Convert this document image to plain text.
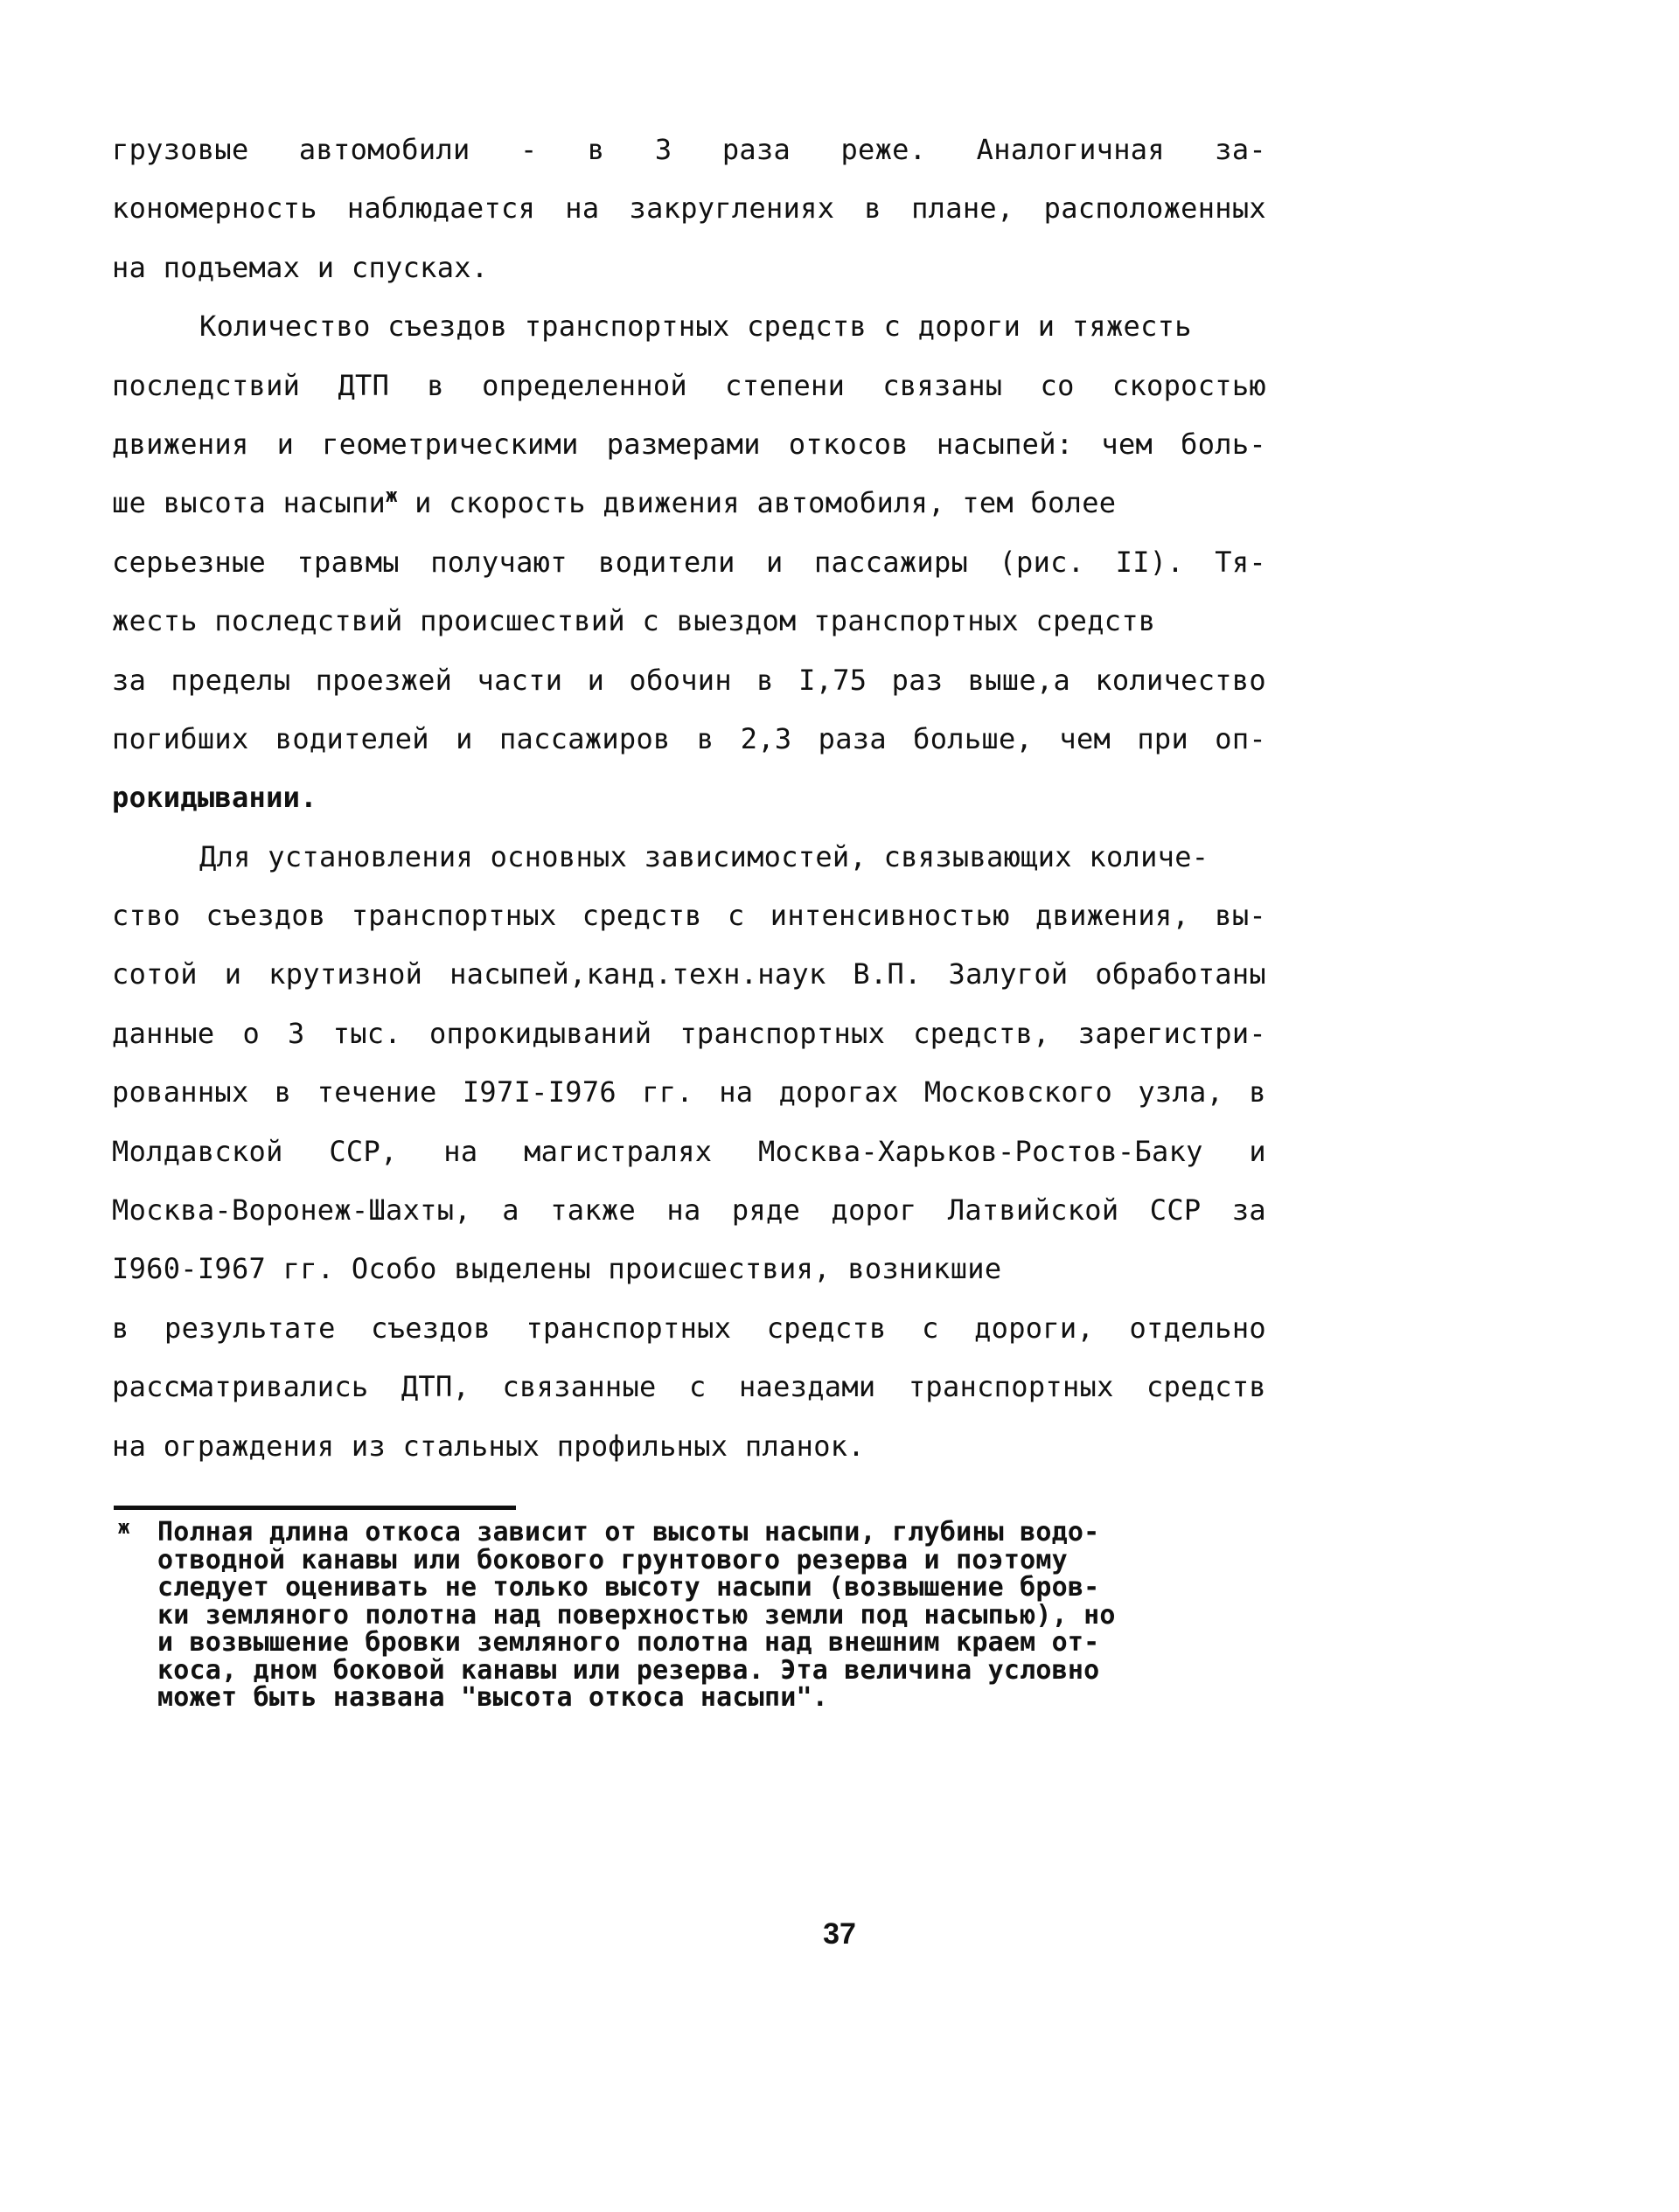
грузовые автомобили - в 3 раза реже. Аналогичная за-
кономерность наблюдается на закруглениях в плане, расположенных
на подъемах и спусках.
Количество съездов транспортных средств с дороги и тяжесть
последствий ДТП в определенной степени связаны со скоростью
движения и геометрическими размерами откосов насыпей: чем боль-
ше высота насыпи$^ж$ и скорость движения автомобиля, тем более
серьезные травмы получают водители и пассажиры (рис. II). Тя-
жесть последствий происшествий с выездом транспортных средств
за пределы проезжей части и обочин в I,75 раз выше,а количество
погибших водителей и пассажиров в 2,3 раза больше, чем при оп-
рокидывании.
Для установления основных зависимостей, связывающих количе-
ство съездов транспортных средств с интенсивностью движения, вы-
сотой и крутизной насыпей,канд.техн.наук В.П. Залугой обработаны
данные о 3 тыс. опрокидываний транспортных средств, зарегистри-
рованных в течение I97I-I976 гг. на дорогах Московского узла, в
Молдавской ССР, на магистралях Москва-Харьков-Ростов-Баку и
Москва-Воронеж-Шахты, а также на ряде дорог Латвийской ССР за
I960-I967 гг. Особо выделены происшествия, возникшие
в результате съездов транспортных средств с дороги, отдельно
рассматривались ДТП, связанные с наездами транспортных средств
на ограждения из стальных профильных планок.
ж Полная длина откоса зависит от высоты насыпи, глубины водо-
отводной канавы или бокового грунтового резерва и поэтому
следует оценивать не только высоту насыпи (возвышение бров-
ки земляного полотна над поверхностью земли под насыпью), но
и возвышение бровки земляного полотна над внешним краем от-
коса, дном боковой канавы или резерва. Эта величина условно
может быть названа "высота откоса насыпи".
37
